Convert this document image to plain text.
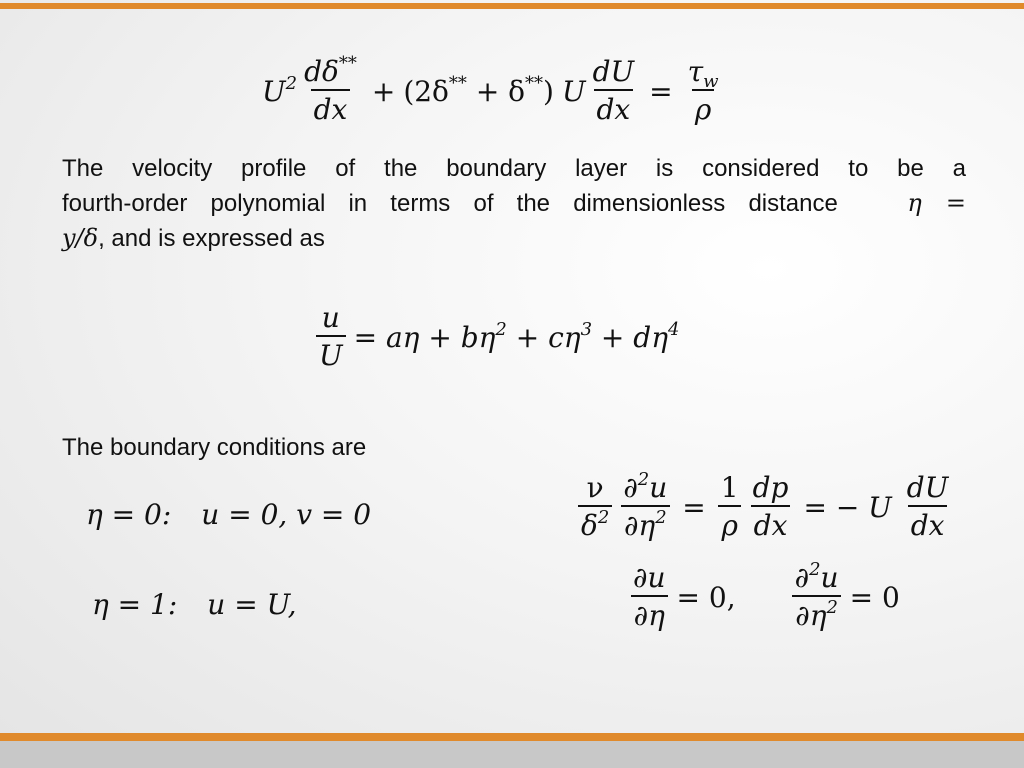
$U^2 \frac{d\delta^{**}}{dx} + (2\delta^{**} + \delta^{**})$ U $\frac{dU}{dx} = \frac{\tau_w}{\rho}$
The velocity profile of the boundary layer is considered to be a
fourth-order polynomial in terms of the dimensionless distance	η =
y/δ, and is expressed as
$\frac{u}{U} = a\eta + b\eta^2 + c\eta^3 + d\eta^4$
The boundary conditions are
η = 0: u = 0, v = 0
η = 1: u = U,
$\frac{\nu}{\delta^2} \frac{\partial^2u}{\partial\eta^2} = \frac{1}{\rho} \frac{dp}{dx}$ = − U $\frac{dU}{dx}$
$\frac{\partial u}{\partial\eta} = 0$, $\frac{\partial^2u}{\partial\eta^2} = 0$
